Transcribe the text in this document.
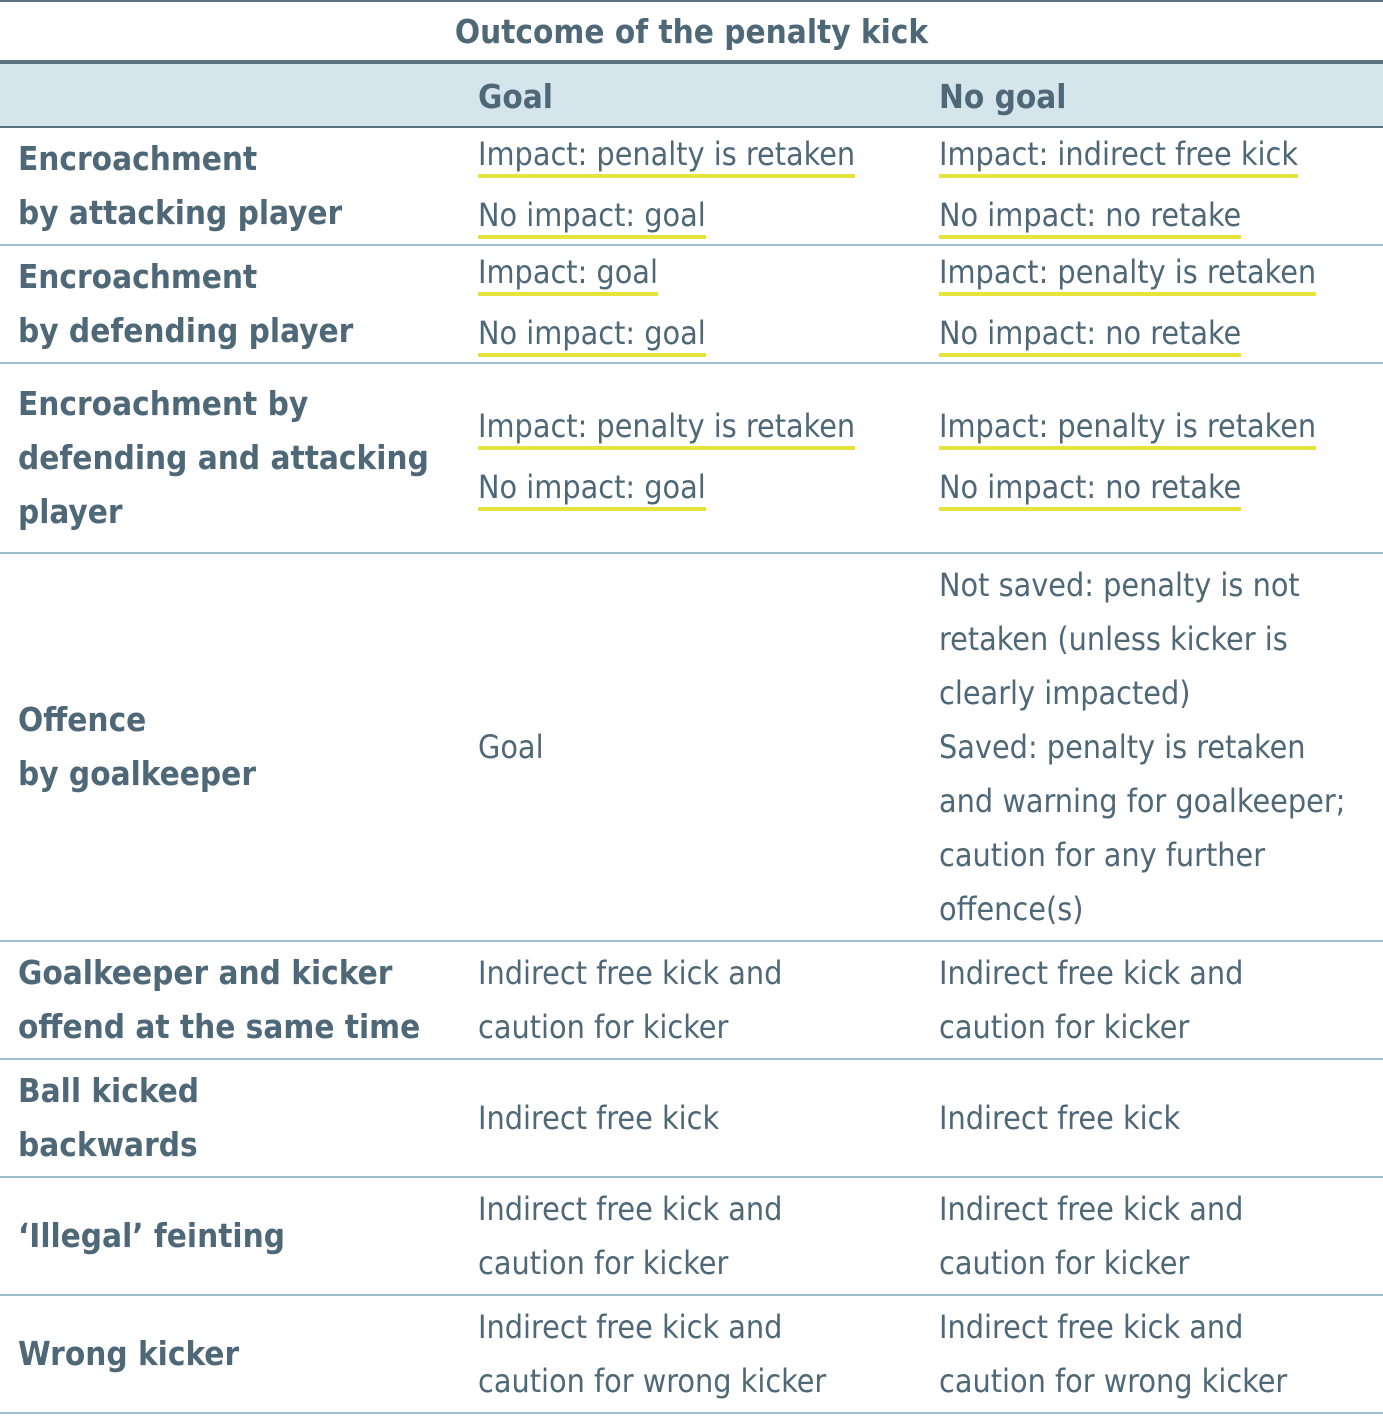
Outcome of the penalty kick
Goal	No goal
Encroachment
by attacking player
Impact: penalty is retaken
No impact: goal
Impact: indirect free kick
No impact: no retake
Encroachment
by defending player
Impact: goal
No impact: goal
Impact: penalty is retaken
No impact: no retake
Encroachment by
defending and attacking
player
Impact: penalty is retaken
No impact: goal
Impact: penalty is retaken
No impact: no retake
Offence
by goalkeeper
Goal
Not saved: penalty is not
retaken (unless kicker is
clearly impacted)
Saved: penalty is retaken
and warning for goalkeeper;
caution for any further
offence(s)
Goalkeeper and kicker
offend at the same time
Indirect free kick and
caution for kicker
Indirect free kick and
caution for kicker
Ball kicked
backwards
Indirect free kick	Indirect free kick
‘Illegal’ feinting
Indirect free kick and
caution for kicker
Indirect free kick and
caution for kicker
Wrong kicker
Indirect free kick and
caution for wrong kicker
Indirect free kick and
caution for wrong kicker
